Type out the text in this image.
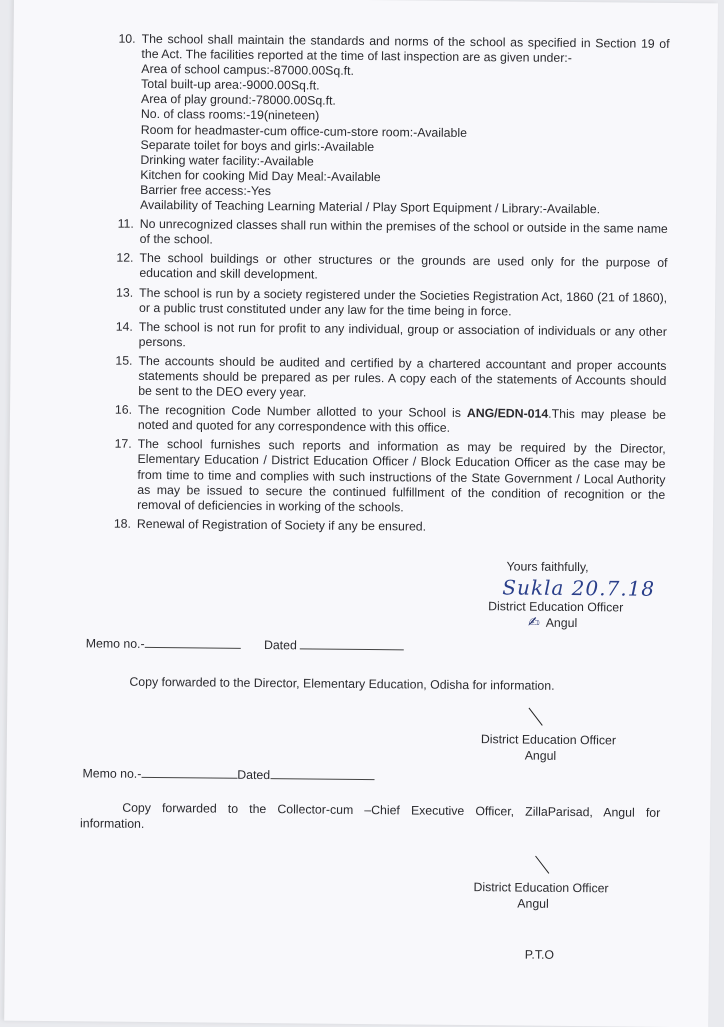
10. The school shall maintain the standards and norms of the school as specified in Section 19 of the Act. The facilities reported at the time of last inspection are as given under:-
Area of school campus:-87000.00Sq.ft.
Total built-up area:-9000.00Sq.ft.
Area of play ground:-78000.00Sq.ft.
No. of class rooms:-19(nineteen)
Room for headmaster-cum office-cum-store room:-Available
Separate toilet for boys and girls:-Available
Drinking water facility:-Available
Kitchen for cooking Mid Day Meal:-Available
Barrier free access:-Yes
Availability of Teaching Learning Material / Play Sport Equipment / Library:-Available.
11. No unrecognized classes shall run within the premises of the school or outside in the same name of the school.
12. The school buildings or other structures or the grounds are used only for the purpose of education and skill development.
13. The school is run by a society registered under the Societies Registration Act, 1860 (21 of 1860), or a public trust constituted under any law for the time being in force.
14. The school is not run for profit to any individual, group or association of individuals or any other persons.
15. The accounts should be audited and certified by a chartered accountant and proper accounts statements should be prepared as per rules. A copy each of the statements of Accounts should be sent to the DEO every year.
16. The recognition Code Number allotted to your School is ANG/EDN-014.This may please be noted and quoted for any correspondence with this office.
17. The school furnishes such reports and information as may be required by the Director, Elementary Education / District Education Officer / Block Education Officer as the case may be from time to time and complies with such instructions of the State Government / Local Authority as may be issued to secure the continued fulfillment of the condition of recognition or the removal of deficiencies in working of the schools.
18. Renewal of Registration of Society if any be ensured.
Yours faithfully,
Sukla 20.7.18
District Education Officer
✍ Angul
Memo no.-	Dated
Copy forwarded to the Director, Elementary Education, Odisha for information.
District Education Officer
Angul
Memo no.-	Dated
Copy forwarded to the Collector-cum –Chief Executive Officer, ZillaParisad, Angul for information.
District Education Officer
Angul
P.T.O
